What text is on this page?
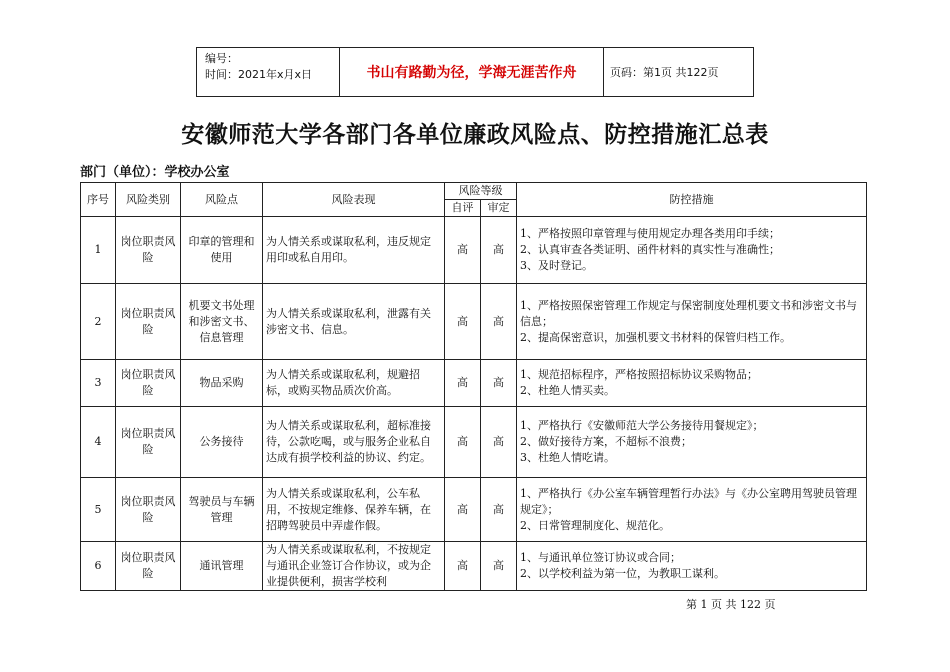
编号：
时间：2021年x月x日	书山有路勤为径，学海无涯苦作舟	页码：第1页 共122页
安徽师范大学各部门各单位廉政风险点、防控措施汇总表
部门（单位）：学校办公室
序号	风险类别	风险点	风险表现	风险等级		防控措施
				自评	审定	
1	岗位职责风险	印章的管理和使用	为人情关系或谋取私利，违反规定用印或私自用印。	高	高	1、严格按照印章管理与使用规定办理各类用印手续；
2、认真审查各类证明、函件材料的真实性与准确性；
3、及时登记。

2	岗位职责风险	机要文书处理和涉密文书、信息管理	为人情关系或谋取私利，泄露有关涉密文书、信息。	高	高	1、严格按照保密管理工作规定与保密制度处理机要文书和涉密文书与信息；
2、提高保密意识，加强机要文书材料的保管归档工作。

3	岗位职责风险	物品采购	为人情关系或谋取私利，规避招标，或购买物品质次价高。	高	高	1、规范招标程序，严格按照招标协议采购物品；
2、杜绝人情买卖。

4	岗位职责风险	公务接待	为人情关系或谋取私利，超标准接待，公款吃喝，或与服务企业私自达成有损学校利益的协议、约定。	高	高	1、严格执行《安徽师范大学公务接待用餐规定》；
2、做好接待方案，不超标不浪费；
3、杜绝人情吃请。

5	岗位职责风险	驾驶员与车辆管理	为人情关系或谋取私利，公车私用，不按规定维修、保养车辆，在招聘驾驶员中弄虚作假。	高	高	1、严格执行《办公室车辆管理暂行办法》与《办公室聘用驾驶员管理规定》；
2、日常管理制度化、规范化。

6	岗位职责风险	通讯管理	为人情关系或谋取私利，不按规定与通讯企业签订合作协议，或为企业提供便利，损害学校利	高	高	1、与通讯单位签订协议或合同；
2、以学校利益为第一位，为教职工谋利。
第 1 页 共 122 页
